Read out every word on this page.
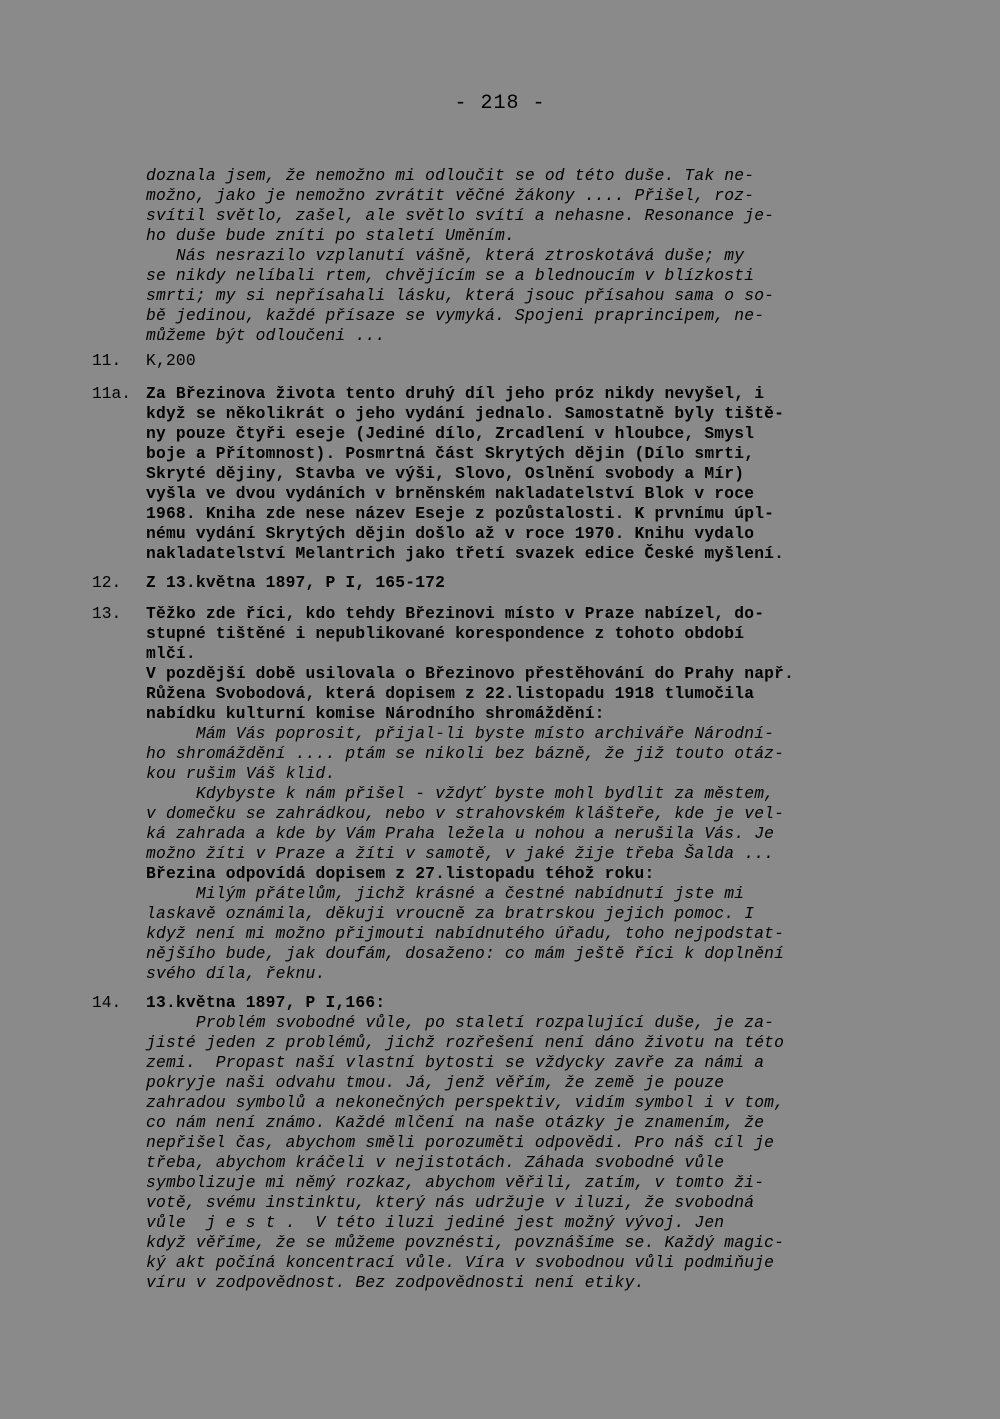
- 218 -
doznala jsem, že nemožno mi odloučit se od této duše. Tak ne-
možno, jako je nemožno zvrátit věčné žákony .... Přišel, roz-
svítil světlo, zašel, ale světlo svítí a nehasne. Resonance je-
ho duše bude zníti po staletí Uměním.
Nás nesrazilo vzplanutí vášně, která ztroskotává duše; my
se nikdy nelíbali rtem, chvějícím se a blednoucím v blízkosti
smrti; my si nepřísahali lásku, která jsouc přísahou sama o so-
bě jedinou, každé přísaze se vymyká. Spojeni praprincipem, ne-
můžeme být odloučeni ...
11. K,200
11a. Za Březinova života tento druhý díl jeho próz nikdy nevyšel, i
když se několikrát o jeho vydání jednalo. Samostatně byly tiště-
ny pouze čtyři eseje (Jediné dílo, Zrcadlení v hloubce, Smysl
boje a Přítomnost). Posmrtná část Skrytých dějin (Dílo smrti,
Skryté dějiny, Stavba ve výši, Slovo, Oslnění svobody a Mír)
vyšla ve dvou vydáních v brněnském nakladatelství Blok v roce
1968. Kniha zde nese název Eseje z pozůstalosti. K prvnímu úpl-
nému vydání Skrytých dějin došlo až v roce 1970. Knihu vydalo
nakladatelství Melantrich jako třetí svazek edice České myšlení.
12. Z 13.května 1897, P I, 165-172
13. Těžko zde říci, kdo tehdy Březinovi místo v Praze nabízel, do-
stupné tištěné i nepublikované korespondence z tohoto období
mlčí.
V pozdější době usilovala o Březinovo přestěhování do Prahy např.
Růžena Svobodová, která dopisem z 22.listopadu 1918 tlumočila
nabídku kulturní komise Národního shromáždění:
Mám Vás poprosit, přijal-li byste místo archiváře Národní-
ho shromáždění .... ptám se nikoli bez bázně, že již touto otáz-
kou rušim Váš klid.
Kdybyste k nám přišel - vždyť byste mohl bydlit za městem,
v domečku se zahrádkou, nebo v strahovském klášteře, kde je vel-
ká zahrada a kde by Vám Praha ležela u nohou a nerušila Vás. Je
možno žíti v Praze a žíti v samotě, v jaké žije třeba Šalda ...
Březina odpovídá dopisem z 27.listopadu téhož roku:
Milým přátelům, jichž krásné a čestné nabídnutí jste mi
laskavě oznámila, děkuji vroucně za bratrskou jejich pomoc. I
když není mi možno přijmouti nabídnutého úřadu, toho nejpodstat-
nějšího bude, jak doufám, dosaženo: co mám ještě říci k doplnění
svého díla, řeknu.
14. 13.května 1897, P I,166:
Problém svobodné vůle, po staletí rozpalující duše, je za-
jisté jeden z problémů, jichž rozřešení není dáno životu na této
zemi.  Propast naší vlastní bytosti se vždycky zavře za námi a
pokryje naši odvahu tmou. Já, jenž věřím, že země je pouze
zahradou symbolů a nekonečných perspektiv, vidím symbol i v tom,
co nám není známo. Každé mlčení na naše otázky je znamením, že
nepřišel čas, abychom směli porozuměti odpovědi. Pro náš cíl je
třeba, abychom kráčeli v nejistotách. Záhada svobodné vůle
symbolizuje mi němý rozkaz, abychom věřili, zatím, v tomto ži-
votě, svému instinktu, který nás udržuje v iluzi, že svobodná
vůle  j e s t .  V této iluzi jediné jest možný vývoj. Jen
když věříme, že se můžeme povznésti, povznášíme se. Každý magic-
ký akt počíná koncentrací vůle. Víra v svobodnou vůli podmiňuje
víru v zodpovědnost. Bez zodpovědnosti není etiky.
